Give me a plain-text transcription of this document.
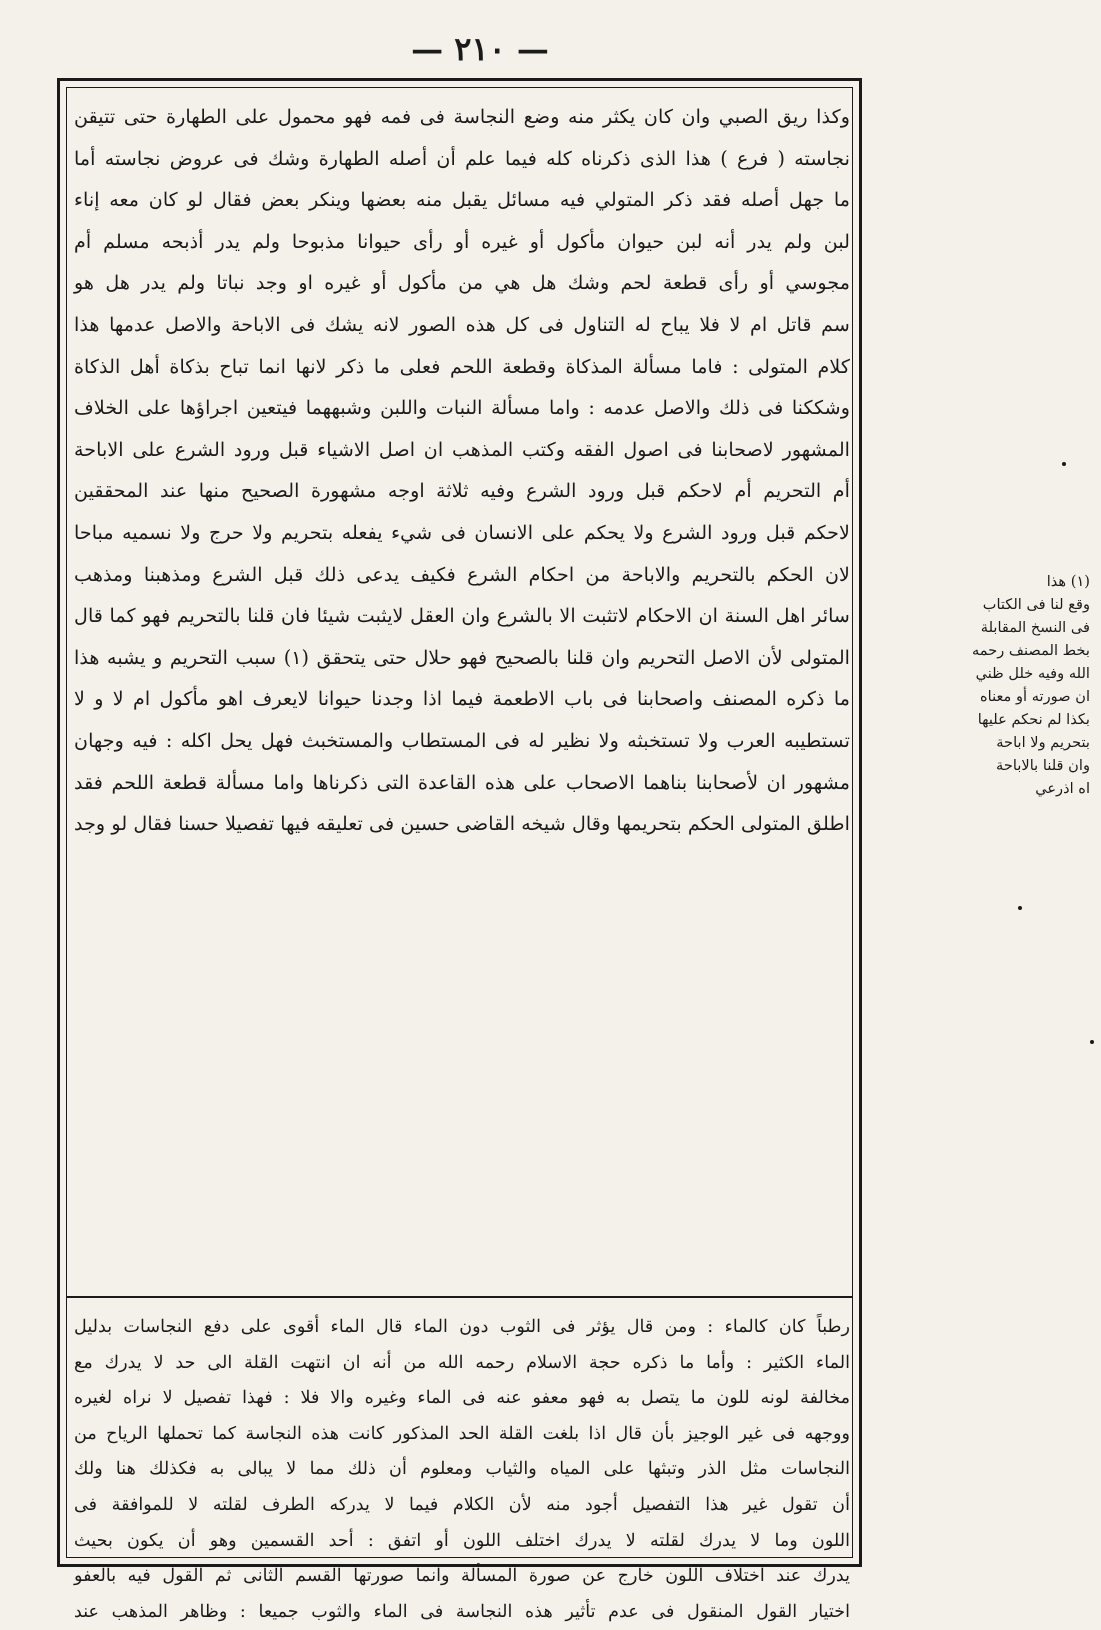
— ٢١٠ —
وكذا ريق الصبي وان كان يكثر منه وضع النجاسة فى فمه فهو محمول على الطهارة حتى تتيقن
نجاسته ( فرع ) هذا الذى ذكرناه كله فيما علم أن أصله الطهارة وشك فى عروض نجاسته أما
ما جهل أصله فقد ذكر المتولي فيه مسائل يقبل منه بعضها وينكر بعض فقال لو كان معه إناء
لبن ولم يدر أنه لبن حيوان مأكول أو غيره أو رأى حيوانا مذبوحا ولم يدر أذبحه مسلم أم
مجوسي أو رأى قطعة لحم وشك هل هي من مأكول أو غيره او وجد نباتا ولم يدر هل هو
سم قاتل ام لا فلا يباح له التناول فى كل هذه الصور لانه يشك فى الاباحة والاصل عدمها هذا
كلام المتولى : فاما مسألة المذكاة وقطعة اللحم فعلى ما ذكر لانها انما تباح بذكاة أهل الذكاة
وشككنا فى ذلك والاصل عدمه : واما مسألة النبات واللبن وشبههما فيتعين اجراؤها على الخلاف
المشهور لاصحابنا فى اصول الفقه وكتب المذهب ان اصل الاشياء قبل ورود الشرع على الاباحة
أم التحريم أم لاحكم قبل ورود الشرع وفيه ثلاثة اوجه مشهورة الصحيح منها عند المحققين
لاحكم قبل ورود الشرع ولا يحكم على الانسان فى شيء يفعله بتحريم ولا حرج ولا نسميه مباحا
لان الحكم بالتحريم والاباحة من احكام الشرع فكيف يدعى ذلك قبل الشرع ومذهبنا ومذهب
سائر اهل السنة ان الاحكام لاتثبت الا بالشرع وان العقل لايثبت شيئا فان قلنا بالتحريم فهو كما قال
المتولى لأن الاصل التحريم وان قلنا بالصحيح فهو حلال حتى يتحقق (١) سبب التحريم و يشبه هذا
ما ذكره المصنف واصحابنا فى باب الاطعمة فيما اذا وجدنا حيوانا لايعرف اهو مأكول ام لا و لا
تستطيبه العرب ولا تستخبثه ولا نظير له فى المستطاب والمستخبث فهل يحل اكله : فيه وجهان
مشهور ان لأصحابنا بناهما الاصحاب على هذه القاعدة التى ذكرناها واما مسألة قطعة اللحم فقد
اطلق المتولى الحكم بتحريمها وقال شيخه القاضى حسين فى تعليقه فيها تفصيلا حسنا فقال لو وجد
رطباً كان كالماء : ومن قال يؤثر فى الثوب دون الماء قال الماء أقوى على دفع النجاسات بدليل
الماء الكثير : وأما ما ذكره حجة الاسلام رحمه الله من أنه ان انتهت القلة الى حد لا يدرك مع
مخالفة لونه للون ما يتصل به فهو معفو عنه فى الماء وغيره والا فلا : فهذا تفصيل لا نراه لغيره
ووجهه فى غير الوجيز بأن قال اذا بلغت القلة الحد المذكور كانت هذه النجاسة كما تحملها الرياح من
النجاسات مثل الذر وتبثها على المياه والثياب ومعلوم أن ذلك مما لا يبالى به فكذلك هنا ولك
أن تقول غير هذا التفصيل أجود منه لأن الكلام فيما لا يدركه الطرف لقلته لا للموافقة فى
اللون وما لا يدرك لقلته لا يدرك اختلف اللون أو اتفق : أحد القسمين وهو أن يكون بحيث
يدرك عند اختلاف اللون خارج عن صورة المسألة وانما صورتها القسم الثانى ثم القول فيه بالعفو
اختيار القول المنقول فى عدم تأثير هذه النجاسة فى الماء والثوب جميعا : وظاهر المذهب عند
(١) هذا
وقع لنا فى الكتاب
فى النسخ المقابلة
بخط المصنف رحمه
الله وفيه خلل ظني
ان صورته أو معناه
بكذا لم نحكم عليها
بتحريم ولا اباحة
وان قلنا بالاباحة
اه اذرعي
